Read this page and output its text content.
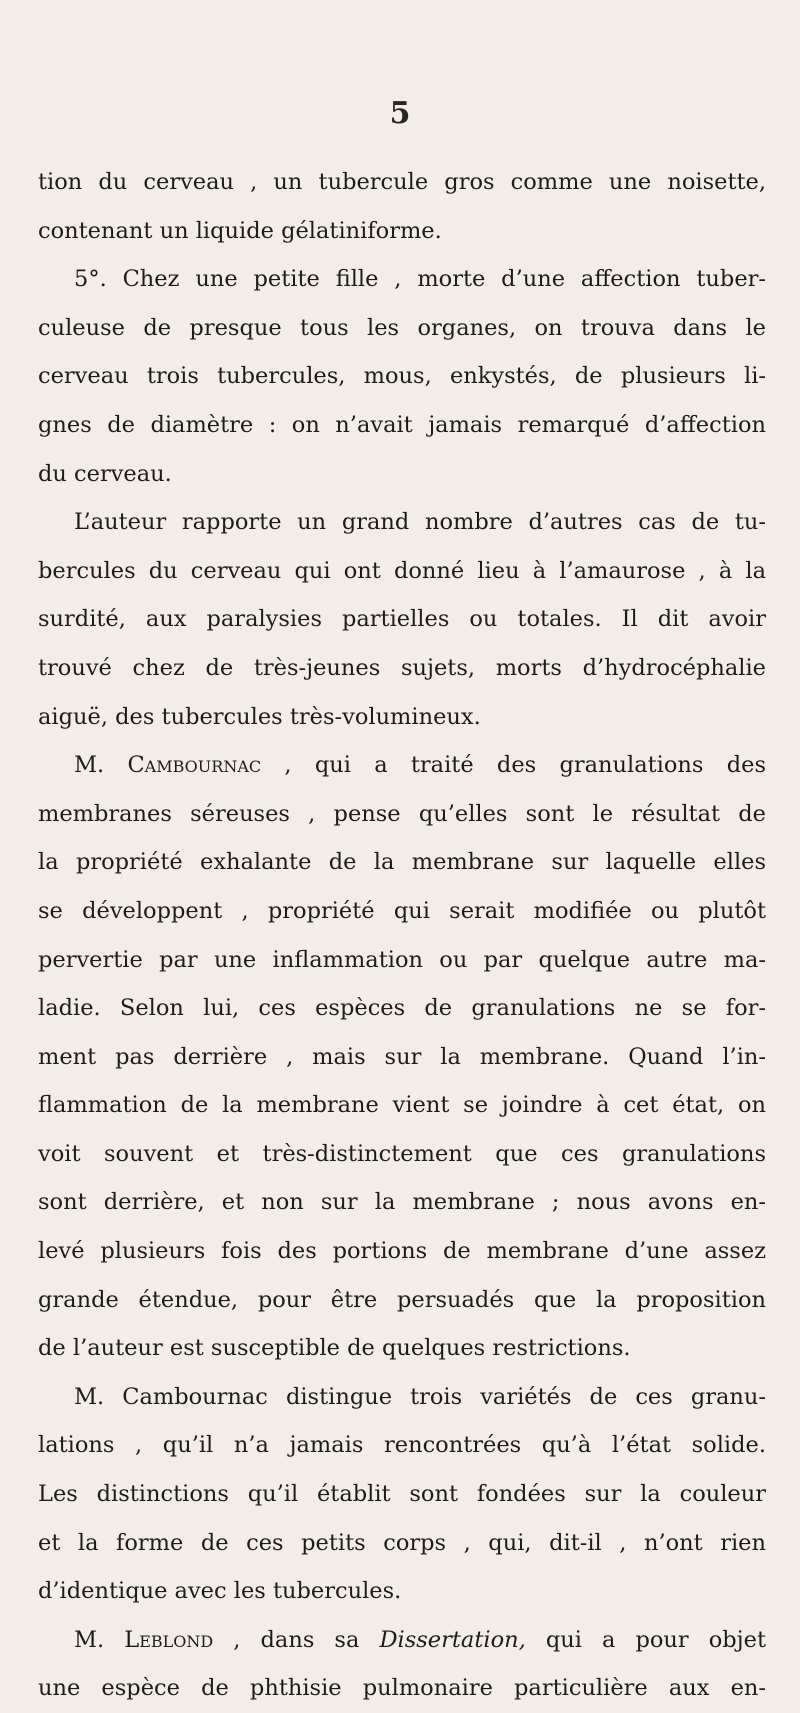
5
tion du cerveau , un tubercule gros comme une noisette,
contenant un liquide gélatiniforme.
5°. Chez une petite fille , morte d’une affection tuber-
culeuse de presque tous les organes, on trouva dans le
cerveau trois tubercules, mous, enkystés, de plusieurs li-
gnes de diamètre : on n’avait jamais remarqué d’affection
du cerveau.
L’auteur rapporte un grand nombre d’autres cas de tu-
bercules du cerveau qui ont donné lieu à l’amaurose , à la
surdité, aux paralysies partielles ou totales. Il dit avoir
trouvé chez de très-jeunes sujets, morts d’hydrocéphalie
aiguë, des tubercules très-volumineux.
M. Cambournac , qui a traité des granulations des
membranes séreuses , pense qu’elles sont le résultat de
la propriété exhalante de la membrane sur laquelle elles
se développent , propriété qui serait modifiée ou plutôt
pervertie par une inflammation ou par quelque autre ma-
ladie. Selon lui, ces espèces de granulations ne se for-
ment pas derrière , mais sur la membrane. Quand l’in-
flammation de la membrane vient se joindre à cet état, on
voit souvent et très-distinctement que ces granulations
sont derrière, et non sur la membrane ; nous avons en-
levé plusieurs fois des portions de membrane d’une assez
grande étendue, pour être persuadés que la proposition
de l’auteur est susceptible de quelques restrictions.
M. Cambournac distingue trois variétés de ces granu-
lations , qu’il n’a jamais rencontrées qu’à l’état solide.
Les distinctions qu’il établit sont fondées sur la couleur
et la forme de ces petits corps , qui, dit-il , n’ont rien
d’identique avec les tubercules.
M. Leblond , dans sa Dissertation, qui a pour objet
une espèce de phthisie pulmonaire particulière aux en-
